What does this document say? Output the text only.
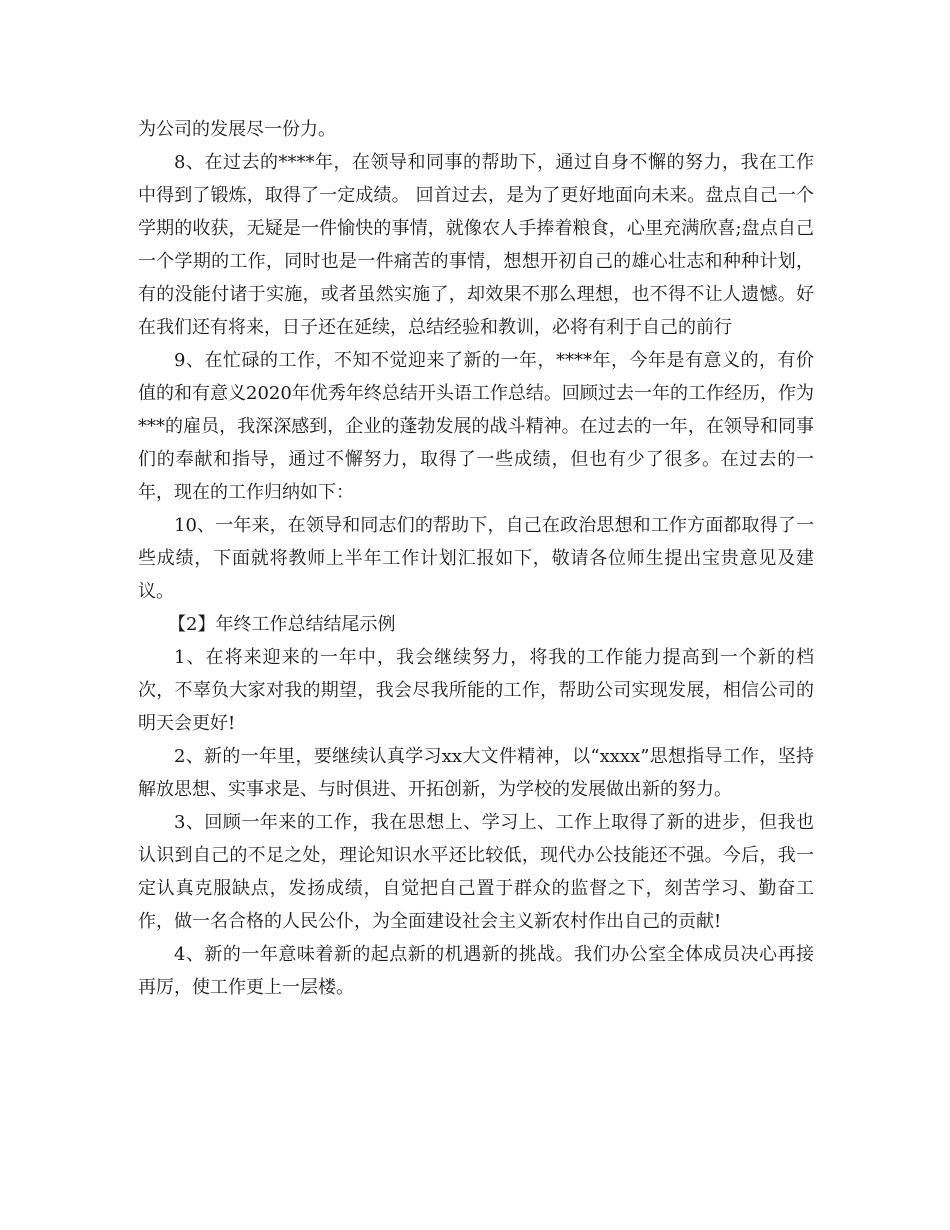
为公司的发展尽一份力。

8、在过去的****年，在领导和同事的帮助下，通过自身不懈的努力，我在工作中得到了锻炼，取得了一定成绩。 回首过去，是为了更好地面向未来。盘点自己一个学期的收获，无疑是一件愉快的事情，就像农人手捧着粮食，心里充满欣喜;盘点自己一个学期的工作，同时也是一件痛苦的事情，想想开初自己的雄心壮志和种种计划，有的没能付诸于实施，或者虽然实施了，却效果不那么理想，也不得不让人遗憾。好在我们还有将来，日子还在延续，总结经验和教训，必将有利于自己的前行

9、在忙碌的工作，不知不觉迎来了新的一年，****年，今年是有意义的，有价值的和有意义2020年优秀年终总结开头语工作总结。回顾过去一年的工作经历，作为***的雇员，我深深感到，企业的蓬勃发展的战斗精神。在过去的一年，在领导和同事们的奉献和指导，通过不懈努力，取得了一些成绩，但也有少了很多。在过去的一年，现在的工作归纳如下：

10、一年来，在领导和同志们的帮助下，自己在政治思想和工作方面都取得了一些成绩，下面就将教师上半年工作计划汇报如下，敬请各位师生提出宝贵意见及建议。

【2】年终工作总结结尾示例

1、在将来迎来的一年中，我会继续努力，将我的工作能力提高到一个新的档次，不辜负大家对我的期望，我会尽我所能的工作，帮助公司实现发展，相信公司的明天会更好!

2、新的一年里，要继续认真学习xx大文件精神，以“xxxx”思想指导工作，坚持解放思想、实事求是、与时俱进、开拓创新，为学校的发展做出新的努力。

3、回顾一年来的工作，我在思想上、学习上、工作上取得了新的进步，但我也认识到自己的不足之处，理论知识水平还比较低，现代办公技能还不强。今后，我一定认真克服缺点，发扬成绩，自觉把自己置于群众的监督之下，刻苦学习、勤奋工作，做一名合格的人民公仆，为全面建设社会主义新农村作出自己的贡献!

4、新的一年意味着新的起点新的机遇新的挑战。我们办公室全体成员决心再接再厉，使工作更上一层楼。
